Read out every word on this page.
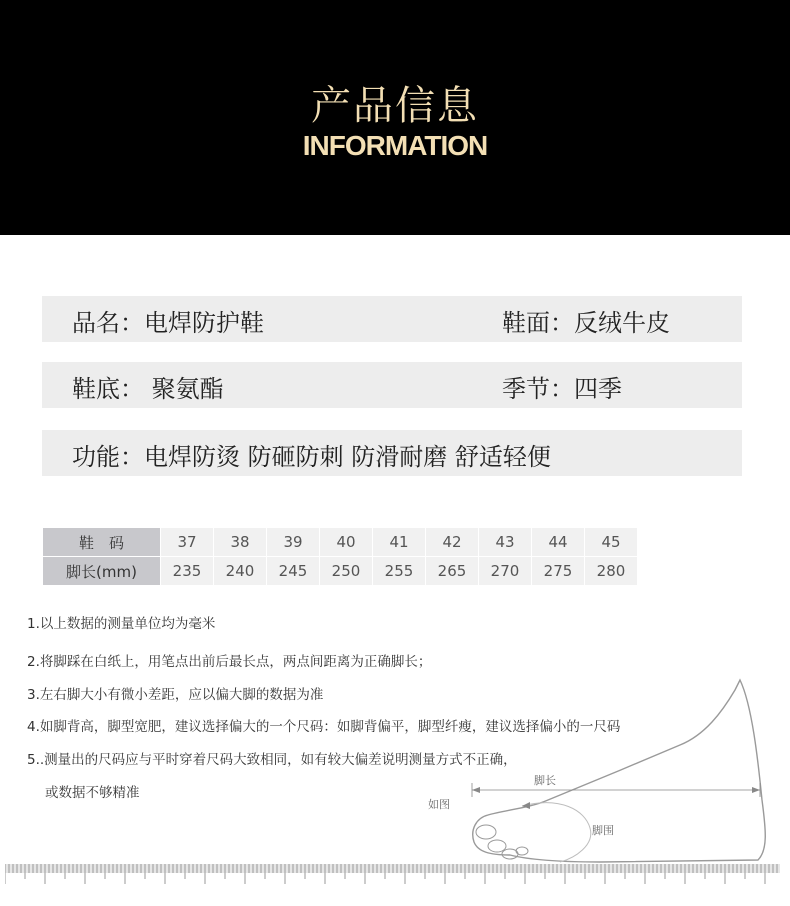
产品信息
INFORMATION
品名：电焊防护鞋	鞋面：反绒牛皮
鞋底： 聚氨酯	季节：四季
功能：电焊防烫 防砸防刺 防滑耐磨 舒适轻便
鞋　码	37	38	39	40	41	42	43	44	45
脚长(mm)	235	240	245	250	255	265	270	275	280
如图
脚长
脚围
1.以上数据的测量单位均为毫米
2.将脚踩在白纸上，用笔点出前后最长点，两点间距离为正确脚长；
3.左右脚大小有微小差距，应以偏大脚的数据为准
4.如脚背高，脚型宽肥，建议选择偏大的一个尺码：如脚背偏平，脚型纤瘦，建议选择偏小的一尺码
5..测量出的尺码应与平时穿着尺码大致相同，如有较大偏差说明测量方式不正确，
或数据不够精准
